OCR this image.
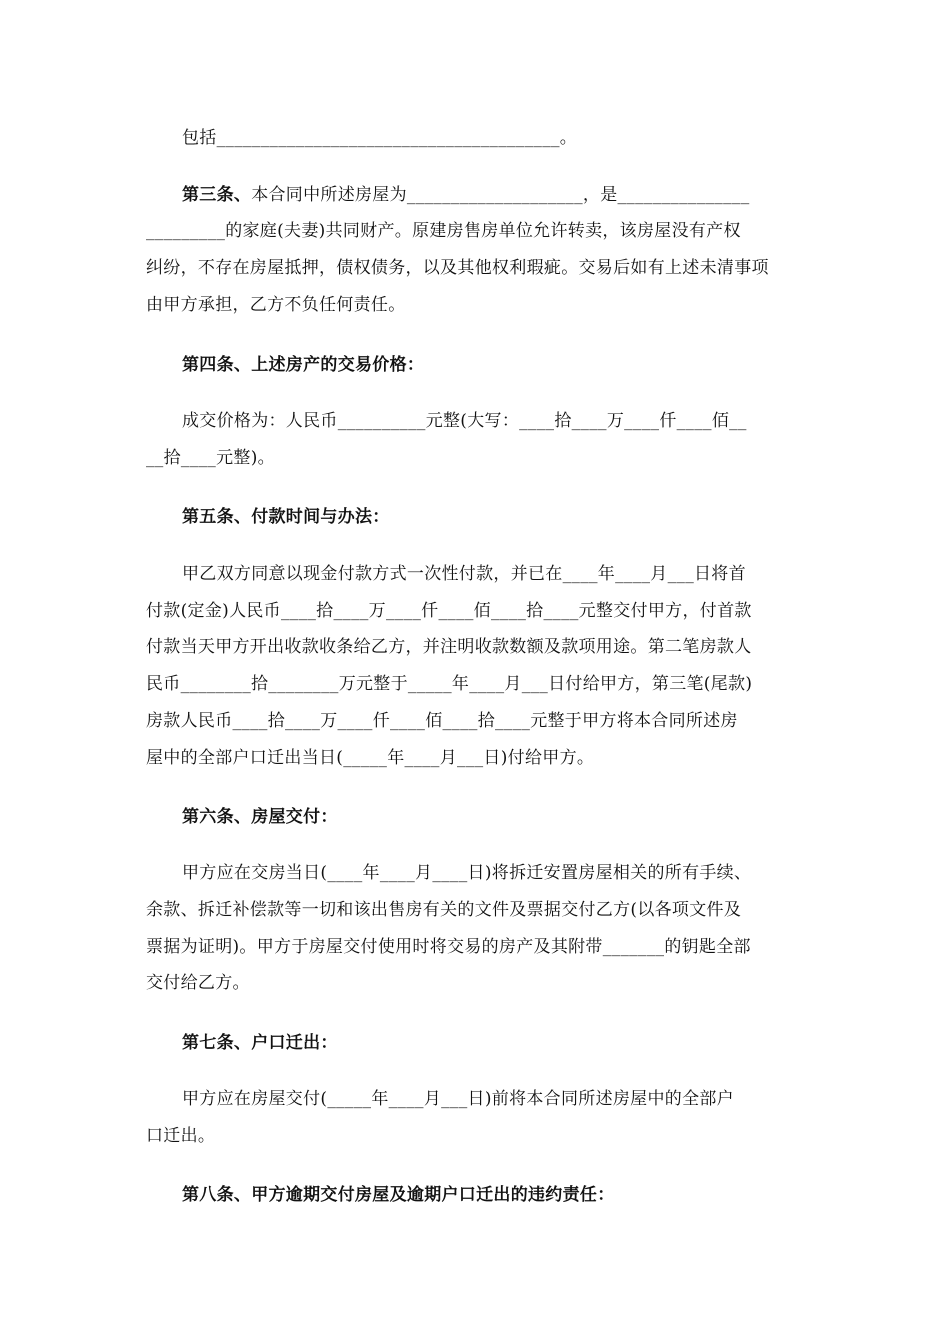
包括_______________________________________。
第三条、本合同中所述房屋为____________________，是_______________
_________的家庭(夫妻)共同财产。原建房售房单位允许转卖，该房屋没有产权
纠纷，不存在房屋抵押，债权债务，以及其他权利瑕疵。交易后如有上述未清事项
由甲方承担，乙方不负任何责任。
第四条、上述房产的交易价格：
成交价格为：人民币__________元整(大写：____拾____万____仟____佰__
__拾____元整)。
第五条、付款时间与办法：
甲乙双方同意以现金付款方式一次性付款，并已在____年____月___日将首
付款(定金)人民币____拾____万____仟____佰____拾____元整交付甲方，付首款
付款当天甲方开出收款收条给乙方，并注明收款数额及款项用途。第二笔房款人
民币________拾________万元整于_____年____月___日付给甲方，第三笔(尾款)
房款人民币____拾____万____仟____佰____拾____元整于甲方将本合同所述房
屋中的全部户口迁出当日(_____年____月___日)付给甲方。
第六条、房屋交付：
甲方应在交房当日(____年____月____日)将拆迁安置房屋相关的所有手续、
余款、拆迁补偿款等一切和该出售房有关的文件及票据交付乙方(以各项文件及
票据为证明)。甲方于房屋交付使用时将交易的房产及其附带_______的钥匙全部
交付给乙方。
第七条、户口迁出：
甲方应在房屋交付(_____年____月___日)前将本合同所述房屋中的全部户
口迁出。
第八条、甲方逾期交付房屋及逾期户口迁出的违约责任：
